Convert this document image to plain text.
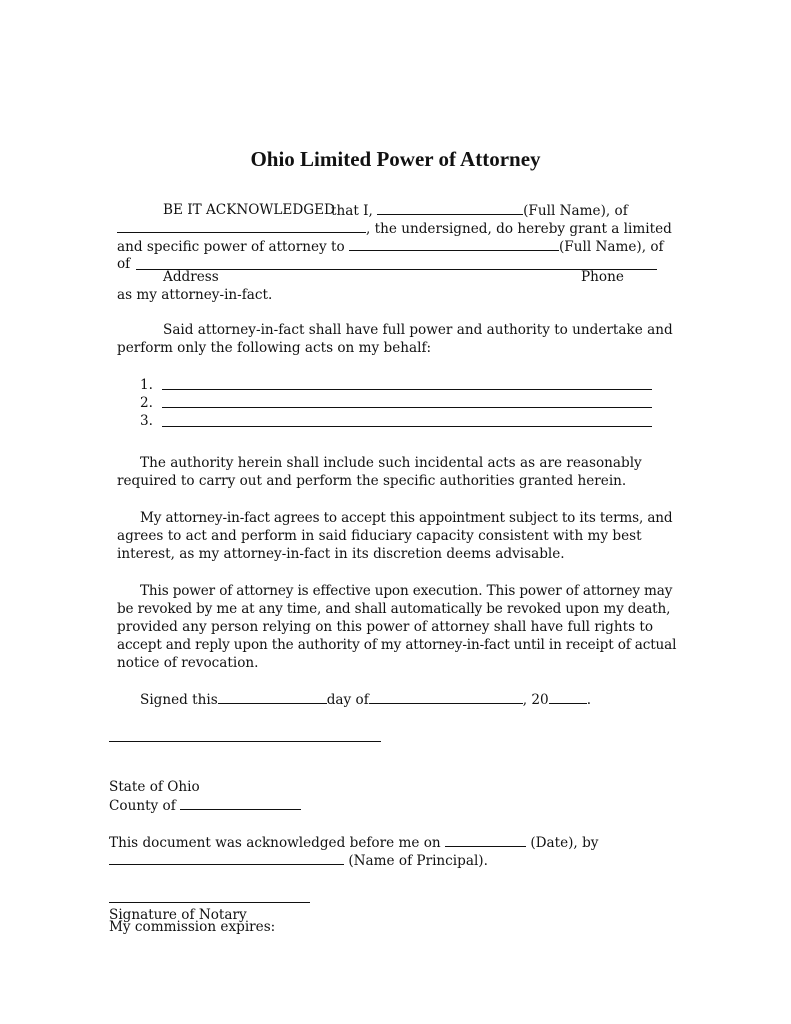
Ohio Limited Power of Attorney
BE IT ACKNOWLEDGED
that I,	(Full Name), of
, the undersigned, do hereby grant a limited
and specific power of attorney to	(Full Name), of
of
Address	Phone
as my attorney-in-fact.
Said attorney-in-fact shall have full power and authority to undertake and
perform only the following acts on my behalf:
1.
2.
3.
The authority herein shall include such incidental acts as are reasonably
required to carry out and perform the specific authorities granted herein.
My attorney-in-fact agrees to accept this appointment subject to its terms, and
agrees to act and perform in said fiduciary capacity consistent with my best
interest, as my attorney-in-fact in its discretion deems advisable.
This power of attorney is effective upon execution. This power of attorney may
be revoked by me at any time, and shall automatically be revoked upon my death,
provided any person relying on this power of attorney shall have full rights to
accept and reply upon the authority of my attorney-in-fact until in receipt of actual
notice of revocation.
Signed this	day of	, 20	.
State of Ohio
County of
This document was acknowledged before me on	(Date), by
(Name of Principal).
Signature of Notary
My commission expires:
